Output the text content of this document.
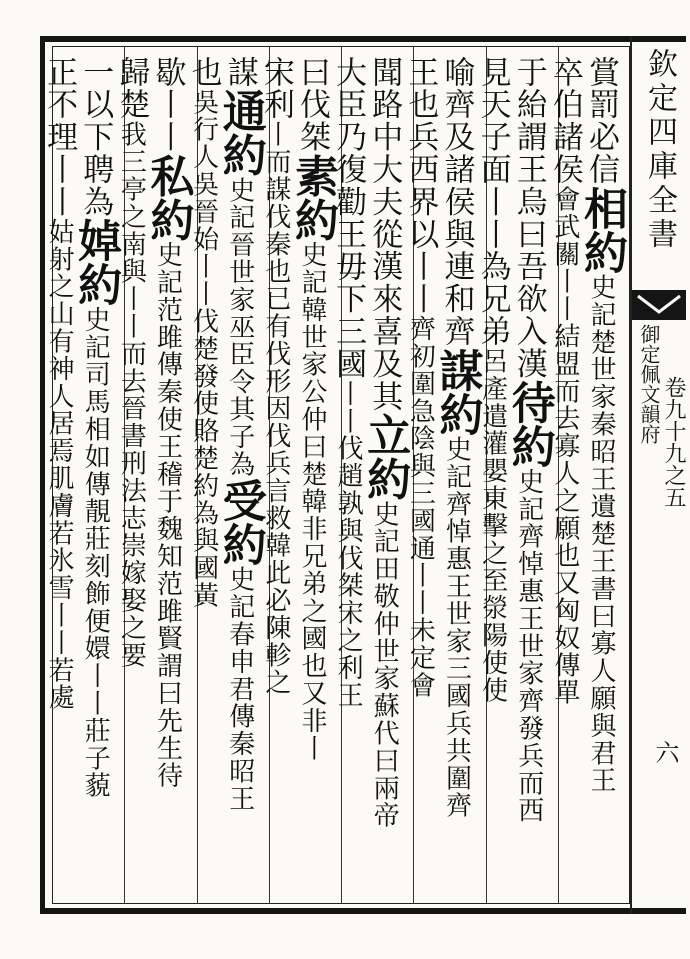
欽定四庫全書
御定佩文韻府 卷九十九之五
六
賞罰必信相約史記楚世家秦昭王遺楚王書曰寡人願與君王
卒伯諸侯會武關丨丨結盟而去寡人之願也又匈奴傳單
于紿謂王烏曰吾欲入漢待約史記齊悼惠王世家齊發兵而西
見天子面丨丨為兄弟呂產遣灌嬰東擊之至滎陽使使
喻齊及諸侯與連和齊謀約史記齊悼惠王世家三國兵共圍齊
王也兵西界以丨丨齊初圍急陰與三國通丨丨未定會
聞路中大夫從漢來喜及其立約史記田敬仲世家蘇代曰兩帝
大臣乃復勸王毋下三國丨丨伐趙孰與伐桀宋之利王
曰伐桀素約史記韓世家公仲曰楚韓非兄弟之國也又非丨
宋利丨而謀伐秦也已有伐形因伐兵言救韓此必陳軫之
謀通約史記晉世家巫臣令其子為受約史記春申君傳秦昭王
也吳行人吳晉始丨丨伐楚發使賂楚約為與國黃
歇丨丨私約史記范雎傳秦使王稽于魏知范雎賢謂曰先生待
歸楚我三亭之南與丨丨而去晉書刑法志崇嫁娶之要
一以下聘為婥約史記司馬相如傳靚莊刻飾便嬛丨丨莊子藐
正不理丨丨姑射之山有神人居焉肌膚若氷雪丨丨若處
